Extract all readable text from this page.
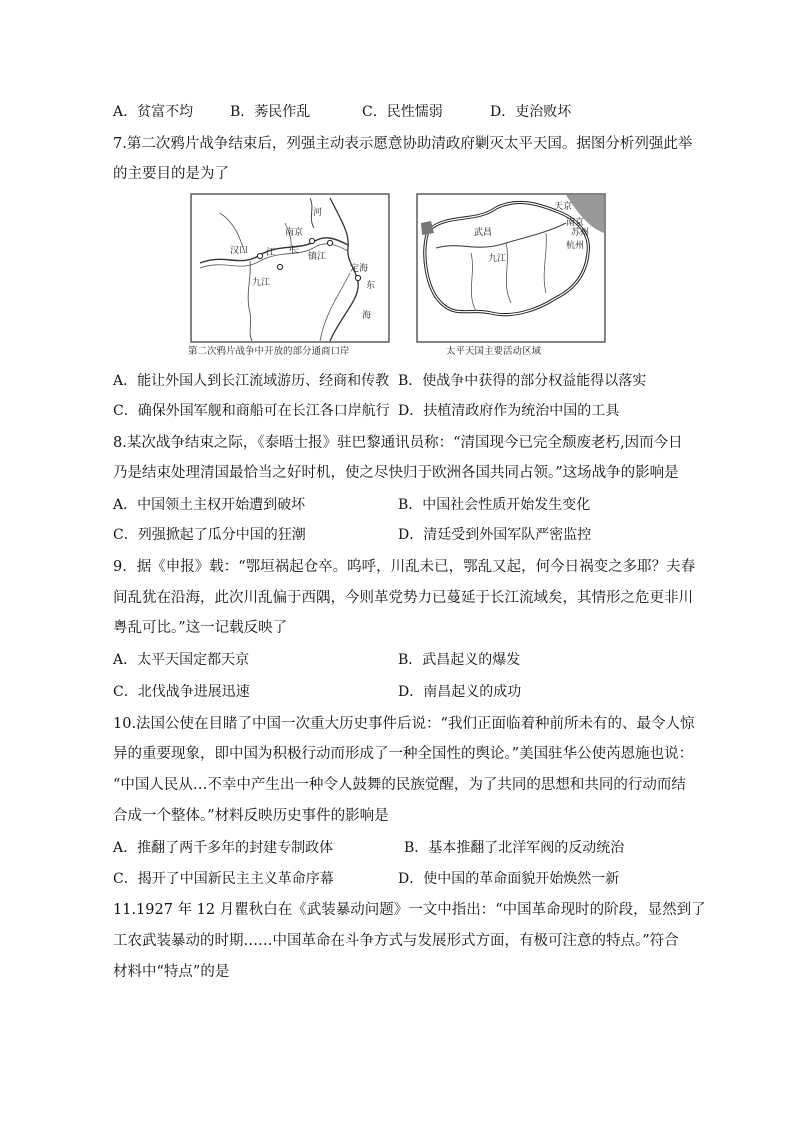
A．贫富不均	B．莠民作乱	C．民性懦弱	D．吏治败坏
7.第二次鸦片战争结束后，列强主动表示愿意协助清政府剿灭太平天国。据图分析列强此举
的主要目的是为了
河
南京
长
镇江
汉口 江
九江
定海
东
海
天京
南京
苏州
杭州
武昌
九江
第二次鸦片战争中开放的部分通商口岸	太平天国主要活动区域
A．能让外国人到长江流域游历、经商和传教 B．使战争中获得的部分权益能得以落实
C．确保外国军舰和商船可在长江各口岸航行 D．扶植清政府作为统治中国的工具
8.某次战争结束之际，《泰晤士报》驻巴黎通讯员称：“清国现今已完全颓废老朽,因而今日
乃是结束处理清国最恰当之好时机，使之尽快归于欧洲各国共同占领。”这场战争的影响是
A．中国领土主权开始遭到破坏	B．中国社会性质开始发生变化
C．列强掀起了瓜分中国的狂潮	D．清廷受到外国军队严密监控
9．据《申报》载：“鄂垣祸起仓卒。呜呼，川乱未已，鄂乱又起，何今日祸变之多耶？夫春
间乱犹在沿海，此次川乱偏于西隅，今则革党势力已蔓延于长江流域矣，其情形之危更非川
粤乱可比。”这一记载反映了
A．太平天国定都天京	B．武昌起义的爆发
C．北伐战争进展迅速	D．南昌起义的成功
10.法国公使在目睹了中国一次重大历史事件后说：“我们正面临着种前所未有的、最令人惊
异的重要现象，即中国为积极行动而形成了一种全国性的舆论。”美国驻华公使芮恩施也说：
“中国人民从…不幸中产生出一种令人鼓舞的民族觉醒，为了共同的思想和共同的行动而结
合成一个整体。”材料反映历史事件的影响是
A．推翻了两千多年的封建专制政体	B．基本推翻了北洋军阀的反动统治
C．揭开了中国新民主主义革命序幕	D．使中国的革命面貌开始焕然一新
11.1927 年 12 月瞿秋白在《武装暴动问题》一文中指出：“中国革命现时的阶段，显然到了
工农武装暴动的时期……中国革命在斗争方式与发展形式方面，有极可注意的特点。”符合
材料中“特点”的是
